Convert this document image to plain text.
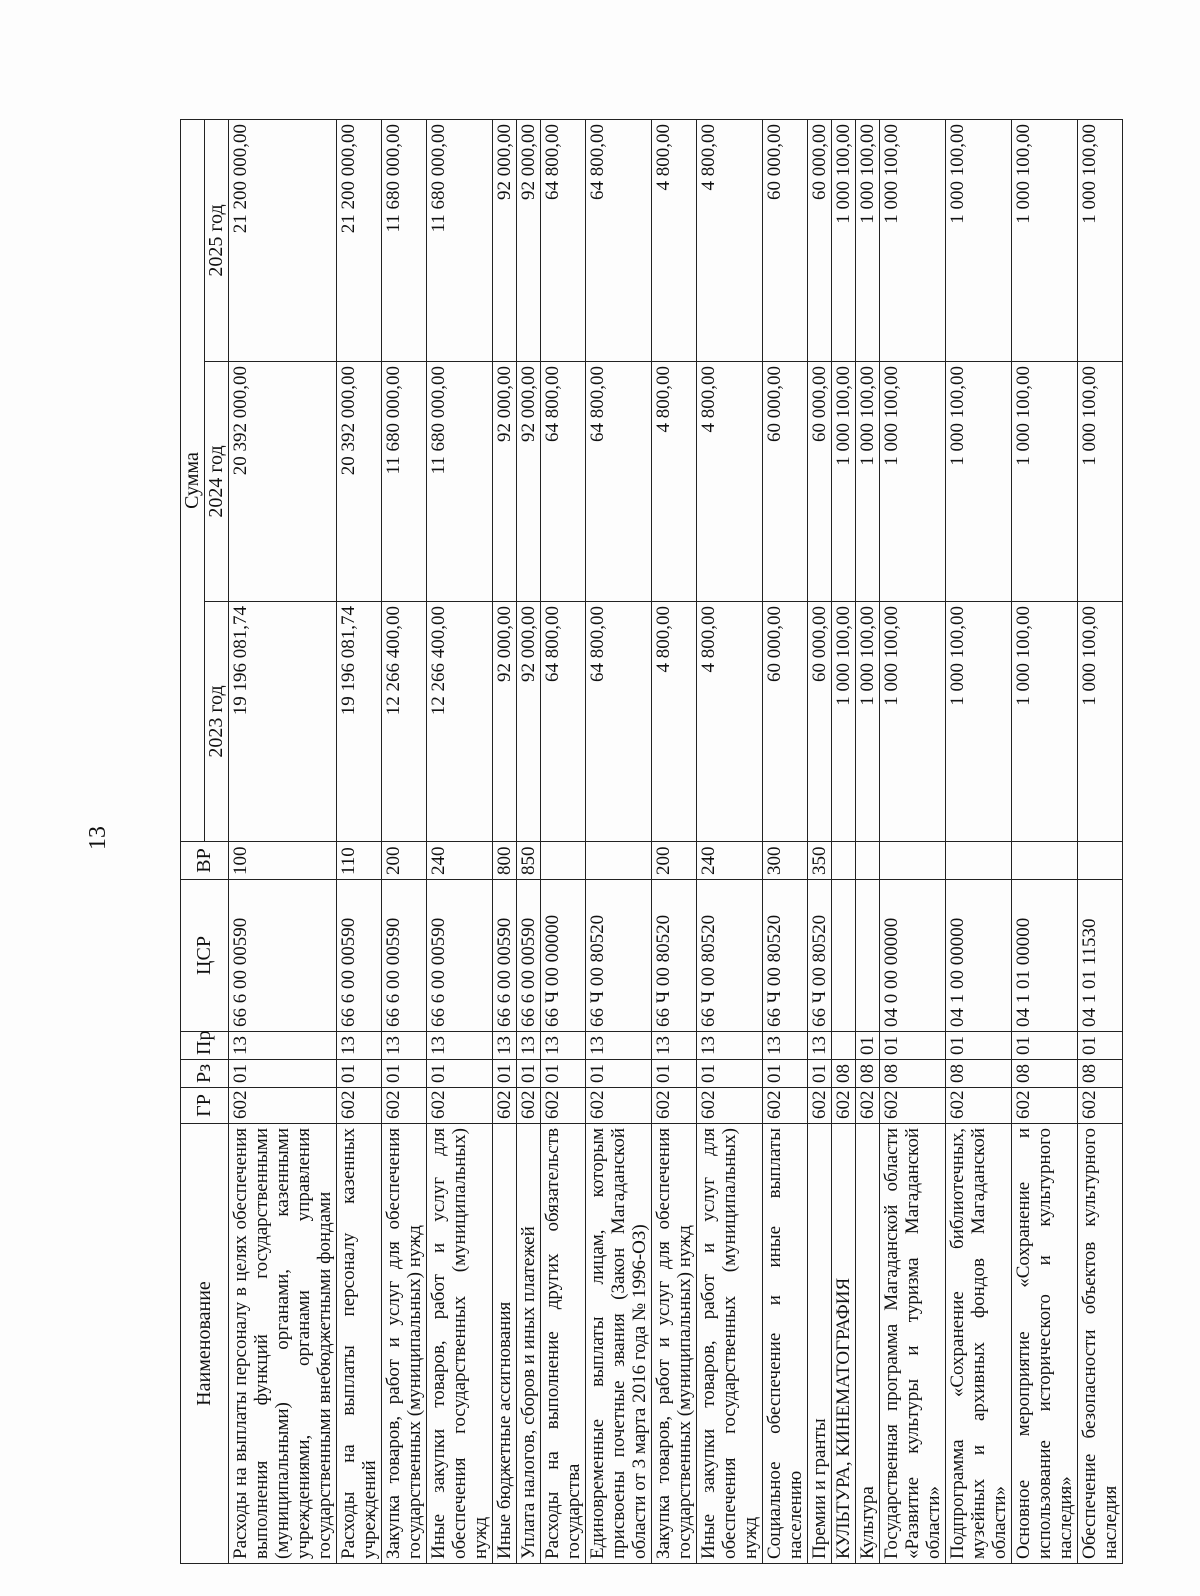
13
Наименование	ГР	Рз	Пр	ЦСР	ВР	Сумма		
						2023 год	2024 год	2025 год
Расходы на выплаты персоналу в целях обеспечения выполнения функций государственными (муниципальными) органами, казенными учреждениями, органами управления государственными внебюджетными фондами	602	01	13	66 6 00 00590	100	19 196 081,74	20 392 000,00	21 200 000,00
Расходы на выплаты персоналу казенных учреждений	602	01	13	66 6 00 00590	110	19 196 081,74	20 392 000,00	21 200 000,00
Закупка товаров, работ и услуг для обеспечения государственных (муниципальных) нужд	602	01	13	66 6 00 00590	200	12 266 400,00	11 680 000,00	11 680 000,00
Иные закупки товаров, работ и услуг для обеспечения государственных (муниципальных) нужд	602	01	13	66 6 00 00590	240	12 266 400,00	11 680 000,00	11 680 000,00
Иные бюджетные ассигнования	602	01	13	66 6 00 00590	800	92 000,00	92 000,00	92 000,00
Уплата налогов, сборов и иных платежей	602	01	13	66 6 00 00590	850	92 000,00	92 000,00	92 000,00
Расходы на выполнение других обязательств государства	602	01	13	66 Ч 00 00000		64 800,00	64 800,00	64 800,00
Единовременные выплаты лицам, которым присвоены почетные звания (Закон Магаданской области от 3 марта 2016 года № 1996-ОЗ)	602	01	13	66 Ч 00 80520		64 800,00	64 800,00	64 800,00
Закупка товаров, работ и услуг для обеспечения государственных (муниципальных) нужд	602	01	13	66 Ч 00 80520	200	4 800,00	4 800,00	4 800,00
Иные закупки товаров, работ и услуг для обеспечения государственных (муниципальных) нужд	602	01	13	66 Ч 00 80520	240	4 800,00	4 800,00	4 800,00
Социальное обеспечение и иные выплаты населению	602	01	13	66 Ч 00 80520	300	60 000,00	60 000,00	60 000,00
Премии и гранты	602	01	13	66 Ч 00 80520	350	60 000,00	60 000,00	60 000,00
КУЛЬТУРА, КИНЕМАТОГРАФИЯ	602	08				1 000 100,00	1 000 100,00	1 000 100,00
Культура	602	08	01			1 000 100,00	1 000 100,00	1 000 100,00
Государственная программа Магаданской области «Развитие культуры и туризма Магаданской области»	602	08	01	04 0 00 00000		1 000 100,00	1 000 100,00	1 000 100,00
Подпрограмма «Сохранение библиотечных, музейных и архивных фондов Магаданской области»	602	08	01	04 1 00 00000		1 000 100,00	1 000 100,00	1 000 100,00
Основное мероприятие «Сохранение и использование исторического и культурного наследия»	602	08	01	04 1 01 00000		1 000 100,00	1 000 100,00	1 000 100,00
Обеспечение безопасности объектов культурного наследия	602	08	01	04 1 01 11530		1 000 100,00	1 000 100,00	1 000 100,00
